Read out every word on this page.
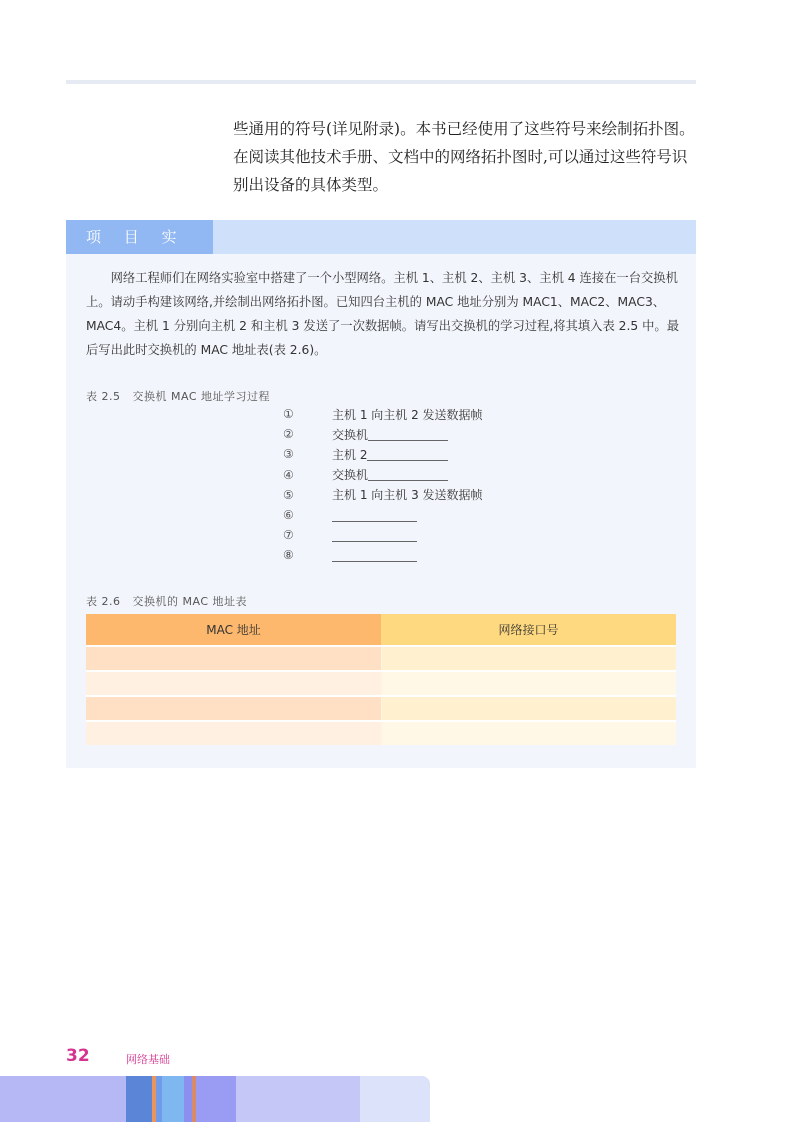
些通用的符号(详见附录)。本书已经使用了这些符号来绘制拓扑图。

在阅读其他技术手册、文档中的网络拓扑图时,可以通过这些符号识

别出设备的具体类型。

项 目 实

网络工程师们在网络实验室中搭建了一个小型网络。主机 1、主机 2、主机 3、主机 4 连接在一台交换机上。请动手构建该网络,并绘制出网络拓扑图。已知四台主机的 MAC 地址分别为 MAC1、MAC2、MAC3、MAC4。主机 1 分别向主机 2 和主机 3 发送了一次数据帧。请写出交换机的学习过程,将其填入表 2.5 中。最后写出此时交换机的 MAC 地址表(表 2.6)。

表 2.5 交换机 MAC 地址学习过程
①	主机 1 向主机 2 发送数据帧
②	交换机
③	主机 2
④	交换机
⑤	主机 1 向主机 3 发送数据帧
⑥
⑦
⑧
表 2.6 交换机的 MAC 地址表
MAC 地址	网络接口号

32	网络基础
